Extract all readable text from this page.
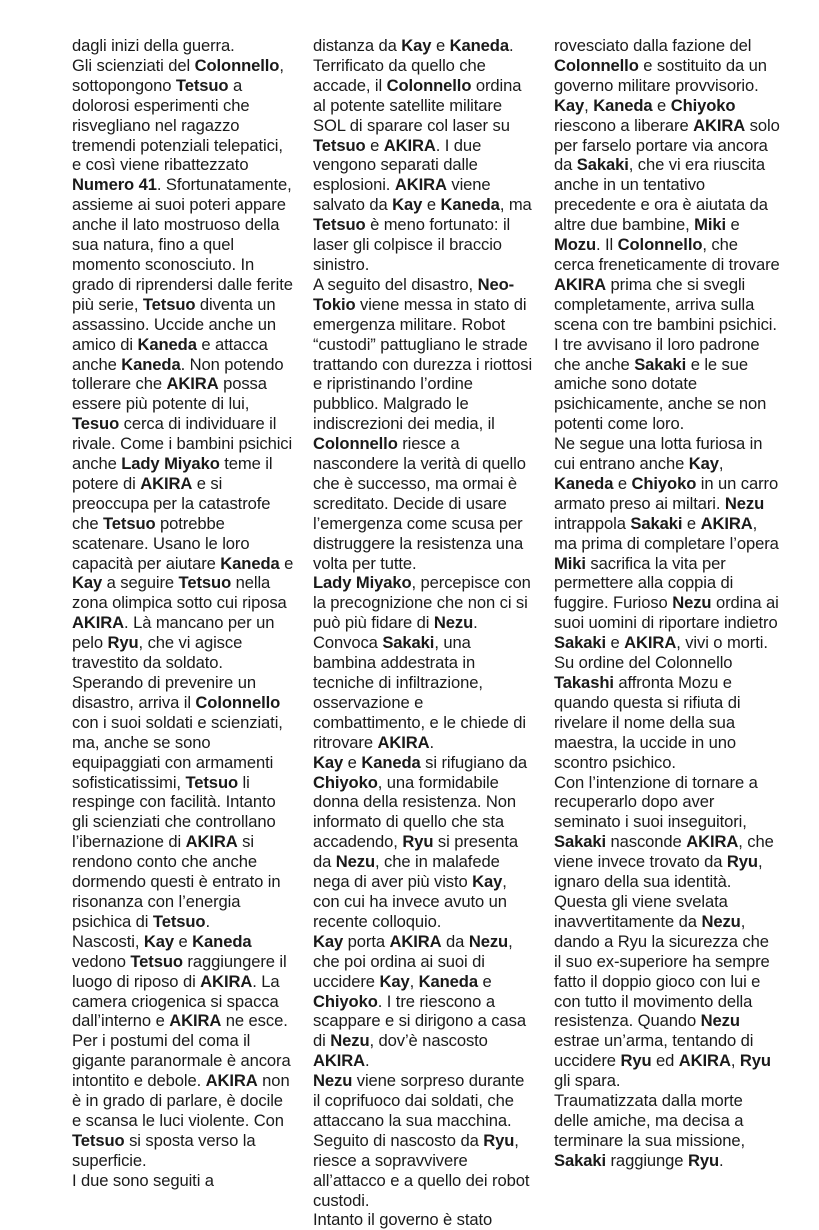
dagli inizi della guerra.

Gli scienziati del Colonnello, sottopongono Tetsuo a dolorosi esperimenti che risvegliano nel ragazzo tremendi potenziali telepatici, e così viene ribattezzato Numero 41. Sfortunatamente, assieme ai suoi poteri appare anche il lato mostruoso della sua natura, fino a quel momento sconosciuto. In grado di riprendersi dalle ferite più serie, Tetsuo diventa un assassino. Uccide anche un amico di Kaneda e attacca anche Kaneda. Non potendo tollerare che AKIRA possa essere più potente di lui, Tesuo cerca di individuare il rivale. Come i bambini psichici anche Lady Miyako teme il potere di AKIRA e si preoccupa per la catastrofe che Tetsuo potrebbe scatenare. Usano le loro capacità per aiutare Kaneda e Kay a seguire Tetsuo nella zona olimpica sotto cui riposa AKIRA. Là mancano per un pelo Ryu, che vi agisce travestito da soldato.

Sperando di prevenire un disastro, arriva il Colonnello con i suoi soldati e scienziati, ma, anche se sono equipaggiati con armamenti sofisticatissimi, Tetsuo li respinge con facilità. Intanto gli scienziati che controllano l’ibernazione di AKIRA si rendono conto che anche dormendo questi è entrato in risonanza con l’energia psichica di Tetsuo.

Nascosti, Kay e Kaneda vedono Tetsuo raggiungere il luogo di riposo di AKIRA. La camera criogenica si spacca dall’interno e AKIRA ne esce.

Per i postumi del coma il gigante paranormale è ancora intontito e debole. AKIRA non è in grado di parlare, è docile e scansa le luci violente. Con Tetsuo si sposta verso la superficie.

I due sono seguiti a

distanza da Kay e Kaneda. Terrificato da quello che accade, il Colonnello ordina al potente satellite militare SOL di sparare col laser su Tetsuo e AKIRA. I due vengono separati dalle esplosioni. AKIRA viene salvato da Kay e Kaneda, ma Tetsuo è meno fortunato: il laser gli colpisce il braccio sinistro.

A seguito del disastro, Neo-Tokio viene messa in stato di emergenza militare. Robot “custodi” pattugliano le strade trattando con durezza i riottosi e ripristinando l’ordine pubblico. Malgrado le indiscrezioni dei media, il Colonnello riesce a nascondere la verità di quello che è successo, ma ormai è screditato. Decide di usare l’emergenza come scusa per distruggere la resistenza una volta per tutte.

Lady Miyako, percepisce con la precognizione che non ci si può più fidare di Nezu. Convoca Sakaki, una bambina addestrata in tecniche di infiltrazione, osservazione e combattimento, e le chiede di ritrovare AKIRA.

Kay e Kaneda si rifugiano da Chiyoko, una formidabile donna della resistenza. Non informato di quello che sta accadendo, Ryu si presenta da Nezu, che in malafede nega di aver più visto Kay, con cui ha invece avuto un recente colloquio.

Kay porta AKIRA da Nezu, che poi ordina ai suoi di uccidere Kay, Kaneda e Chiyoko. I tre riescono a scappare e si dirigono a casa di Nezu, dov’è nascosto AKIRA.

Nezu viene sorpreso durante il coprifuoco dai soldati, che attaccano la sua macchina. Seguito di nascosto da Ryu, riesce a sopravvivere all’attacco e a quello dei robot custodi.

Intanto il governo è stato

rovesciato dalla fazione del Colonnello e sostituito da un governo militare provvisorio.

Kay, Kaneda e Chiyoko riescono a liberare AKIRA solo per farselo portare via ancora da Sakaki, che vi era riuscita anche in un tentativo precedente e ora è aiutata da altre due bambine, Miki e Mozu. Il Colonnello, che cerca freneticamente di trovare AKIRA prima che si svegli completamente, arriva sulla scena con tre bambini psichici. I tre avvisano il loro padrone che anche Sakaki e le sue amiche sono dotate psichicamente, anche se non potenti come loro.

Ne segue una lotta furiosa in cui entrano anche Kay, Kaneda e Chiyoko in un carro armato preso ai miltari. Nezu intrappola Sakaki e AKIRA, ma prima di completare l’opera Miki sacrifica la vita per permettere alla coppia di fuggire. Furioso Nezu ordina ai suoi uomini di riportare indietro Sakaki e AKIRA, vivi o morti.

Su ordine del Colonnello Takashi affronta Mozu e quando questa si rifiuta di rivelare il nome della sua maestra, la uccide in uno scontro psichico.

Con l’intenzione di tornare a recuperarlo dopo aver seminato i suoi inseguitori, Sakaki nasconde AKIRA, che viene invece trovato da Ryu, ignaro della sua identità. Questa gli viene svelata inavvertitamente da Nezu, dando a Ryu la sicurezza che il suo ex-superiore ha sempre fatto il doppio gioco con lui e con tutto il movimento della resistenza. Quando Nezu estrae un’arma, tentando di uccidere Ryu ed AKIRA, Ryu gli spara.

Traumatizzata dalla morte delle amiche, ma decisa a terminare la sua missione, Sakaki raggiunge Ryu.
